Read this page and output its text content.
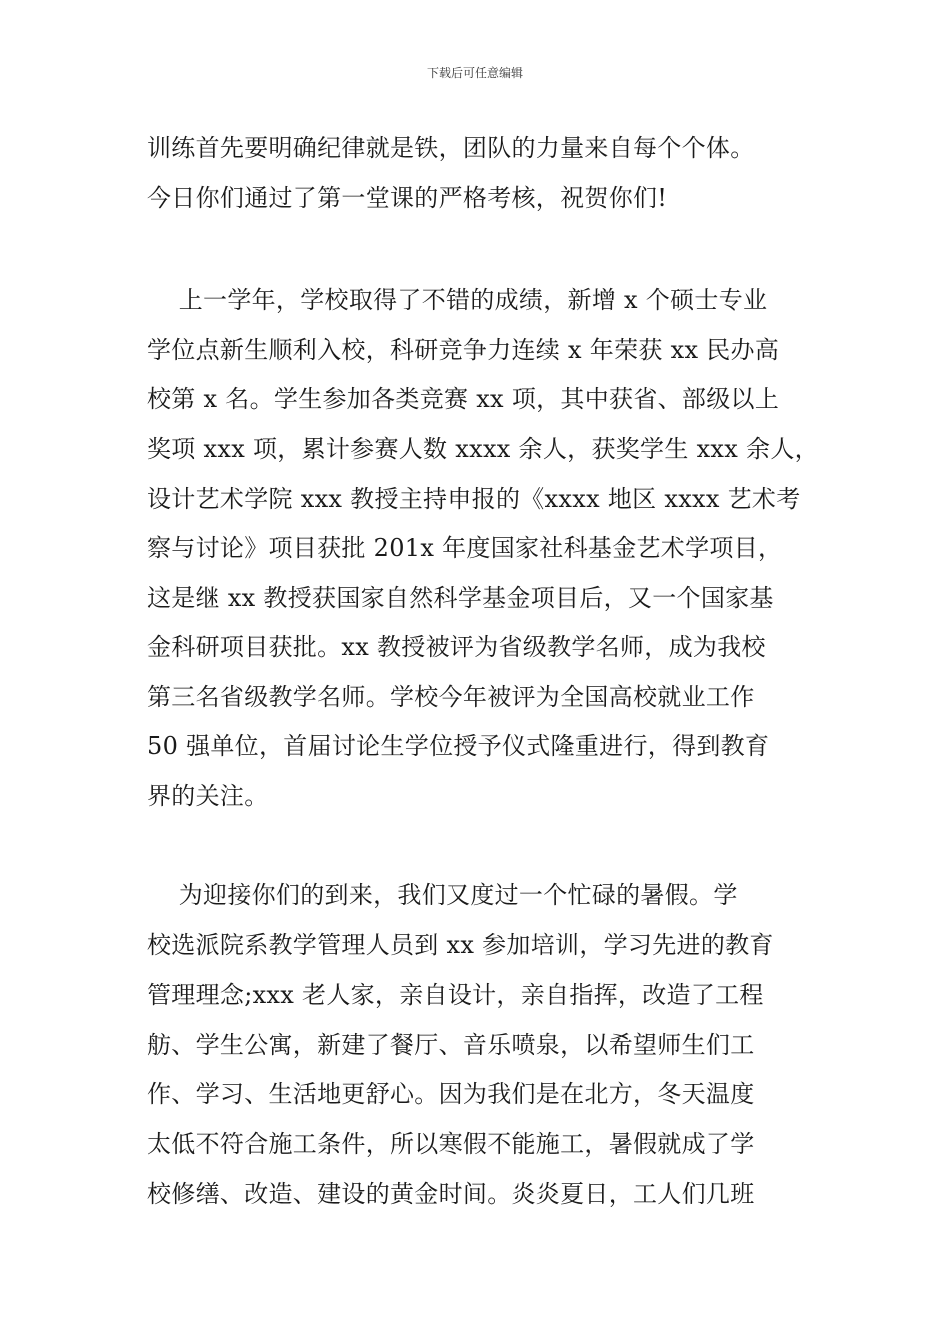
下载后可任意编辑
训练首先要明确纪律就是铁，团队的力量来自每个个体。
今日你们通过了第一堂课的严格考核，祝贺你们!
上一学年，学校取得了不错的成绩，新增 x 个硕士专业
学位点新生顺利入校，科研竞争力连续 x 年荣获 xx 民办高
校第 x 名。学生参加各类竞赛 xx 项，其中获省、部级以上
奖项 xxx 项，累计参赛人数 xxxx 余人，获奖学生 xxx 余人，
设计艺术学院 xxx 教授主持申报的《xxxx 地区 xxxx 艺术考
察与讨论》项目获批 201x 年度国家社科基金艺术学项目，
这是继 xx 教授获国家自然科学基金项目后，又一个国家基
金科研项目获批。xx 教授被评为省级教学名师，成为我校
第三名省级教学名师。学校今年被评为全国高校就业工作
50 强单位，首届讨论生学位授予仪式隆重进行，得到教育
界的关注。
为迎接你们的到来，我们又度过一个忙碌的暑假。学
校选派院系教学管理人员到 xx 参加培训，学习先进的教育
管理理念;xxx 老人家，亲自设计，亲自指挥，改造了工程
舫、学生公寓，新建了餐厅、音乐喷泉，以希望师生们工
作、学习、生活地更舒心。因为我们是在北方，冬天温度
太低不符合施工条件，所以寒假不能施工，暑假就成了学
校修缮、改造、建设的黄金时间。炎炎夏日，工人们几班
